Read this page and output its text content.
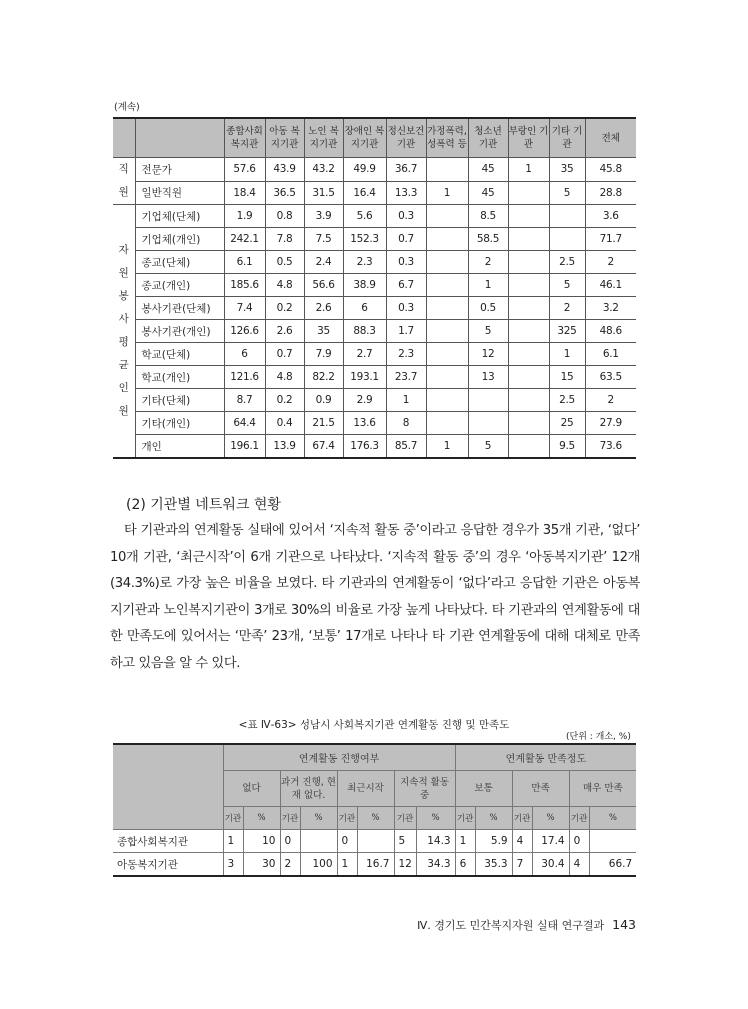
(계속)
		종합사회 복지관	아동 복지기관	노인 복지기관	장애인 복지기관	정신보건 기관	가정폭력, 성폭력 등	청소년 기관	부랑인 기관	기타 기관	전체
직원	전문가	57.6	43.9	43.2	49.9	36.7		45	1	35	45.8
	일반직원	18.4	36.5	31.5	16.4	13.3	1	45		5	28.8
자원봉사평균인원	기업체(단체)	1.9	0.8	3.9	5.6	0.3		8.5			3.6
	기업체(개인)	242.1	7.8	7.5	152.3	0.7		58.5			71.7
	종교(단체)	6.1	0.5	2.4	2.3	0.3		2		2.5	2
	종교(개인)	185.6	4.8	56.6	38.9	6.7		1		5	46.1
	봉사기관(단체)	7.4	0.2	2.6	6	0.3		0.5		2	3.2
	봉사기관(개인)	126.6	2.6	35	88.3	1.7		5		325	48.6
	학교(단체)	6	0.7	7.9	2.7	2.3		12		1	6.1
	학교(개인)	121.6	4.8	82.2	193.1	23.7		13		15	63.5
	기타(단체)	8.7	0.2	0.9	2.9	1				2.5	2
	기타(개인)	64.4	0.4	21.5	13.6	8				25	27.9
	개인	196.1	13.9	67.4	176.3	85.7	1	5		9.5	73.6
(2) 기관별 네트워크 현황

타 기관과의 연계활동 실태에 있어서 ‘지속적 활동 중’이라고 응답한 경우가 35개 기관, ‘없다’ 10개 기관, ‘최근시작’이 6개 기관으로 나타났다. ‘지속적 활동 중’의 경우 ‘아동복지기관’ 12개(34.3%)로 가장 높은 비율을 보였다. 타 기관과의 연계활동이 ‘없다’라고 응답한 기관은 아동복지기관과 노인복지기관이 3개로 30%의 비율로 가장 높게 나타났다. 타 기관과의 연계활동에 대한 만족도에 있어서는 ‘만족’ 23개, ‘보통’ 17개로 나타나 타 기관 연계활동에 대해 대체로 만족하고 있음을 알 수 있다.

<표 Ⅳ-63> 성남시 사회복지기관 연계활동 진행 및 만족도
(단위 : 개소, %)
	연계활동 진행여부								연계활동 만족정도					
	없다		과거 진행, 현재 없다.		최근시작		지속적 활동 중		보통		만족		매우 만족	
	기관	%	기관	%	기관	%	기관	%	기관	%	기관	%	기관	%
종합사회복지관	1	10	0		0		5	14.3	1	5.9	4	17.4	0	
아동복지기관	3	30	2	100	1	16.7	12	34.3	6	35.3	7	30.4	4	66.7
Ⅳ. 경기도 민간복지자원 실태 연구결과 143
